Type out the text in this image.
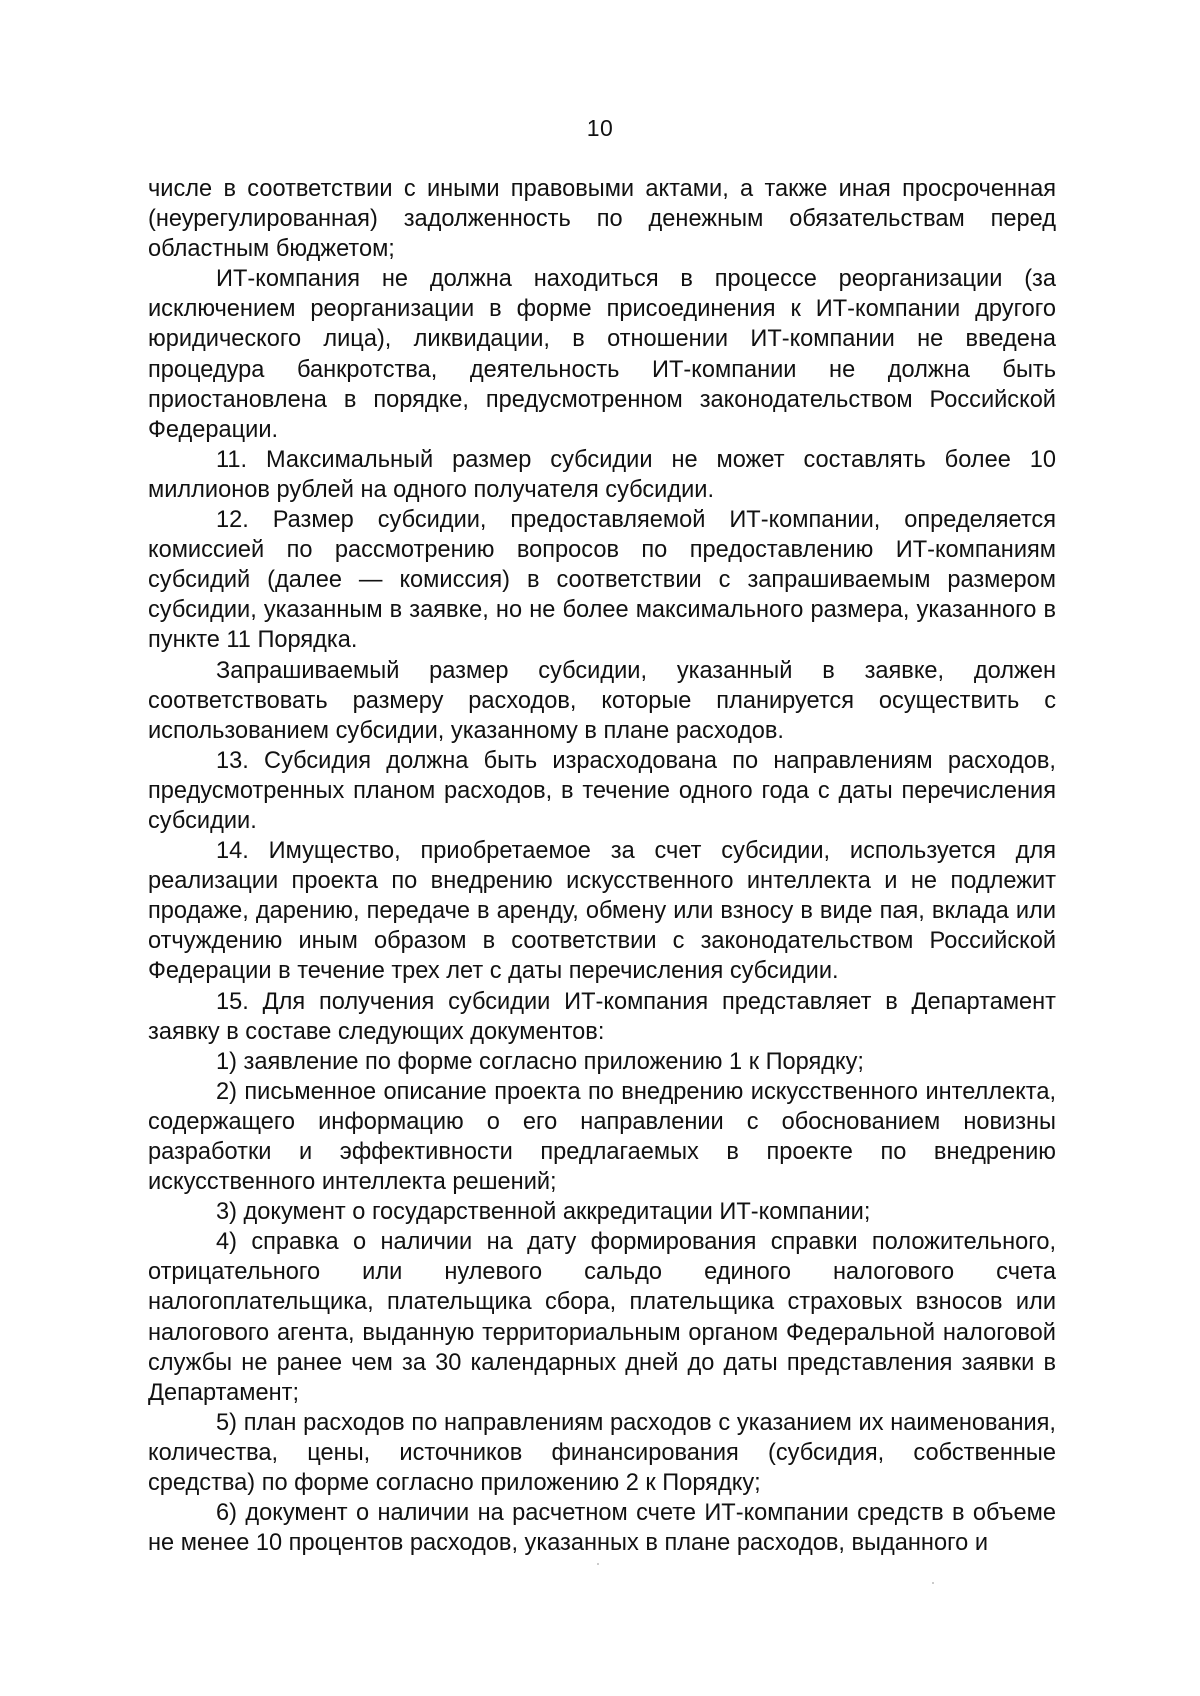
10

числе в соответствии с иными правовыми актами, а также иная просроченная (неурегулированная) задолженность по денежным обязательствам перед областным бюджетом;

ИТ-компания не должна находиться в процессе реорганизации (за исключением реорганизации в форме присоединения к ИТ-компании другого юридического лица), ликвидации, в отношении ИТ-компании не введена процедура банкротства, деятельность ИТ-компании не должна быть приостановлена в порядке, предусмотренном законодательством Российской Федерации.

11. Максимальный размер субсидии не может составлять более 10 миллионов рублей на одного получателя субсидии.

12. Размер субсидии, предоставляемой ИТ-компании, определяется комиссией по рассмотрению вопросов по предоставлению ИТ-компаниям субсидий (далее — комиссия) в соответствии с запрашиваемым размером субсидии, указанным в заявке, но не более максимального размера, указанного в пункте 11 Порядка.

Запрашиваемый размер субсидии, указанный в заявке, должен соответствовать размеру расходов, которые планируется осуществить с использованием субсидии, указанному в плане расходов.

13. Субсидия должна быть израсходована по направлениям расходов, предусмотренных планом расходов, в течение одного года с даты перечисления субсидии.

14. Имущество, приобретаемое за счет субсидии, используется для реализации проекта по внедрению искусственного интеллекта и не подлежит продаже, дарению, передаче в аренду, обмену или взносу в виде пая, вклада или отчуждению иным образом в соответствии с законодательством Российской Федерации в течение трех лет с даты перечисления субсидии.

15. Для получения субсидии ИТ-компания представляет в Департамент заявку в составе следующих документов:

1) заявление по форме согласно приложению 1 к Порядку;

2) письменное описание проекта по внедрению искусственного интеллекта, содержащего информацию о его направлении с обоснованием новизны разработки и эффективности предлагаемых в проекте по внедрению искусственного интеллекта решений;

3) документ о государственной аккредитации ИТ-компании;

4) справка о наличии на дату формирования справки положительного, отрицательного или нулевого сальдо единого налогового счета налогоплательщика, плательщика сбора, плательщика страховых взносов или налогового агента, выданную территориальным органом Федеральной налоговой службы не ранее чем за 30 календарных дней до даты представления заявки в Департамент;

5) план расходов по направлениям расходов с указанием их наименования, количества, цены, источников финансирования (субсидия, собственные средства) по форме согласно приложению 2 к Порядку;

6) документ о наличии на расчетном счете ИТ-компании средств в объеме не менее 10 процентов расходов, указанных в плане расходов, выданного и
